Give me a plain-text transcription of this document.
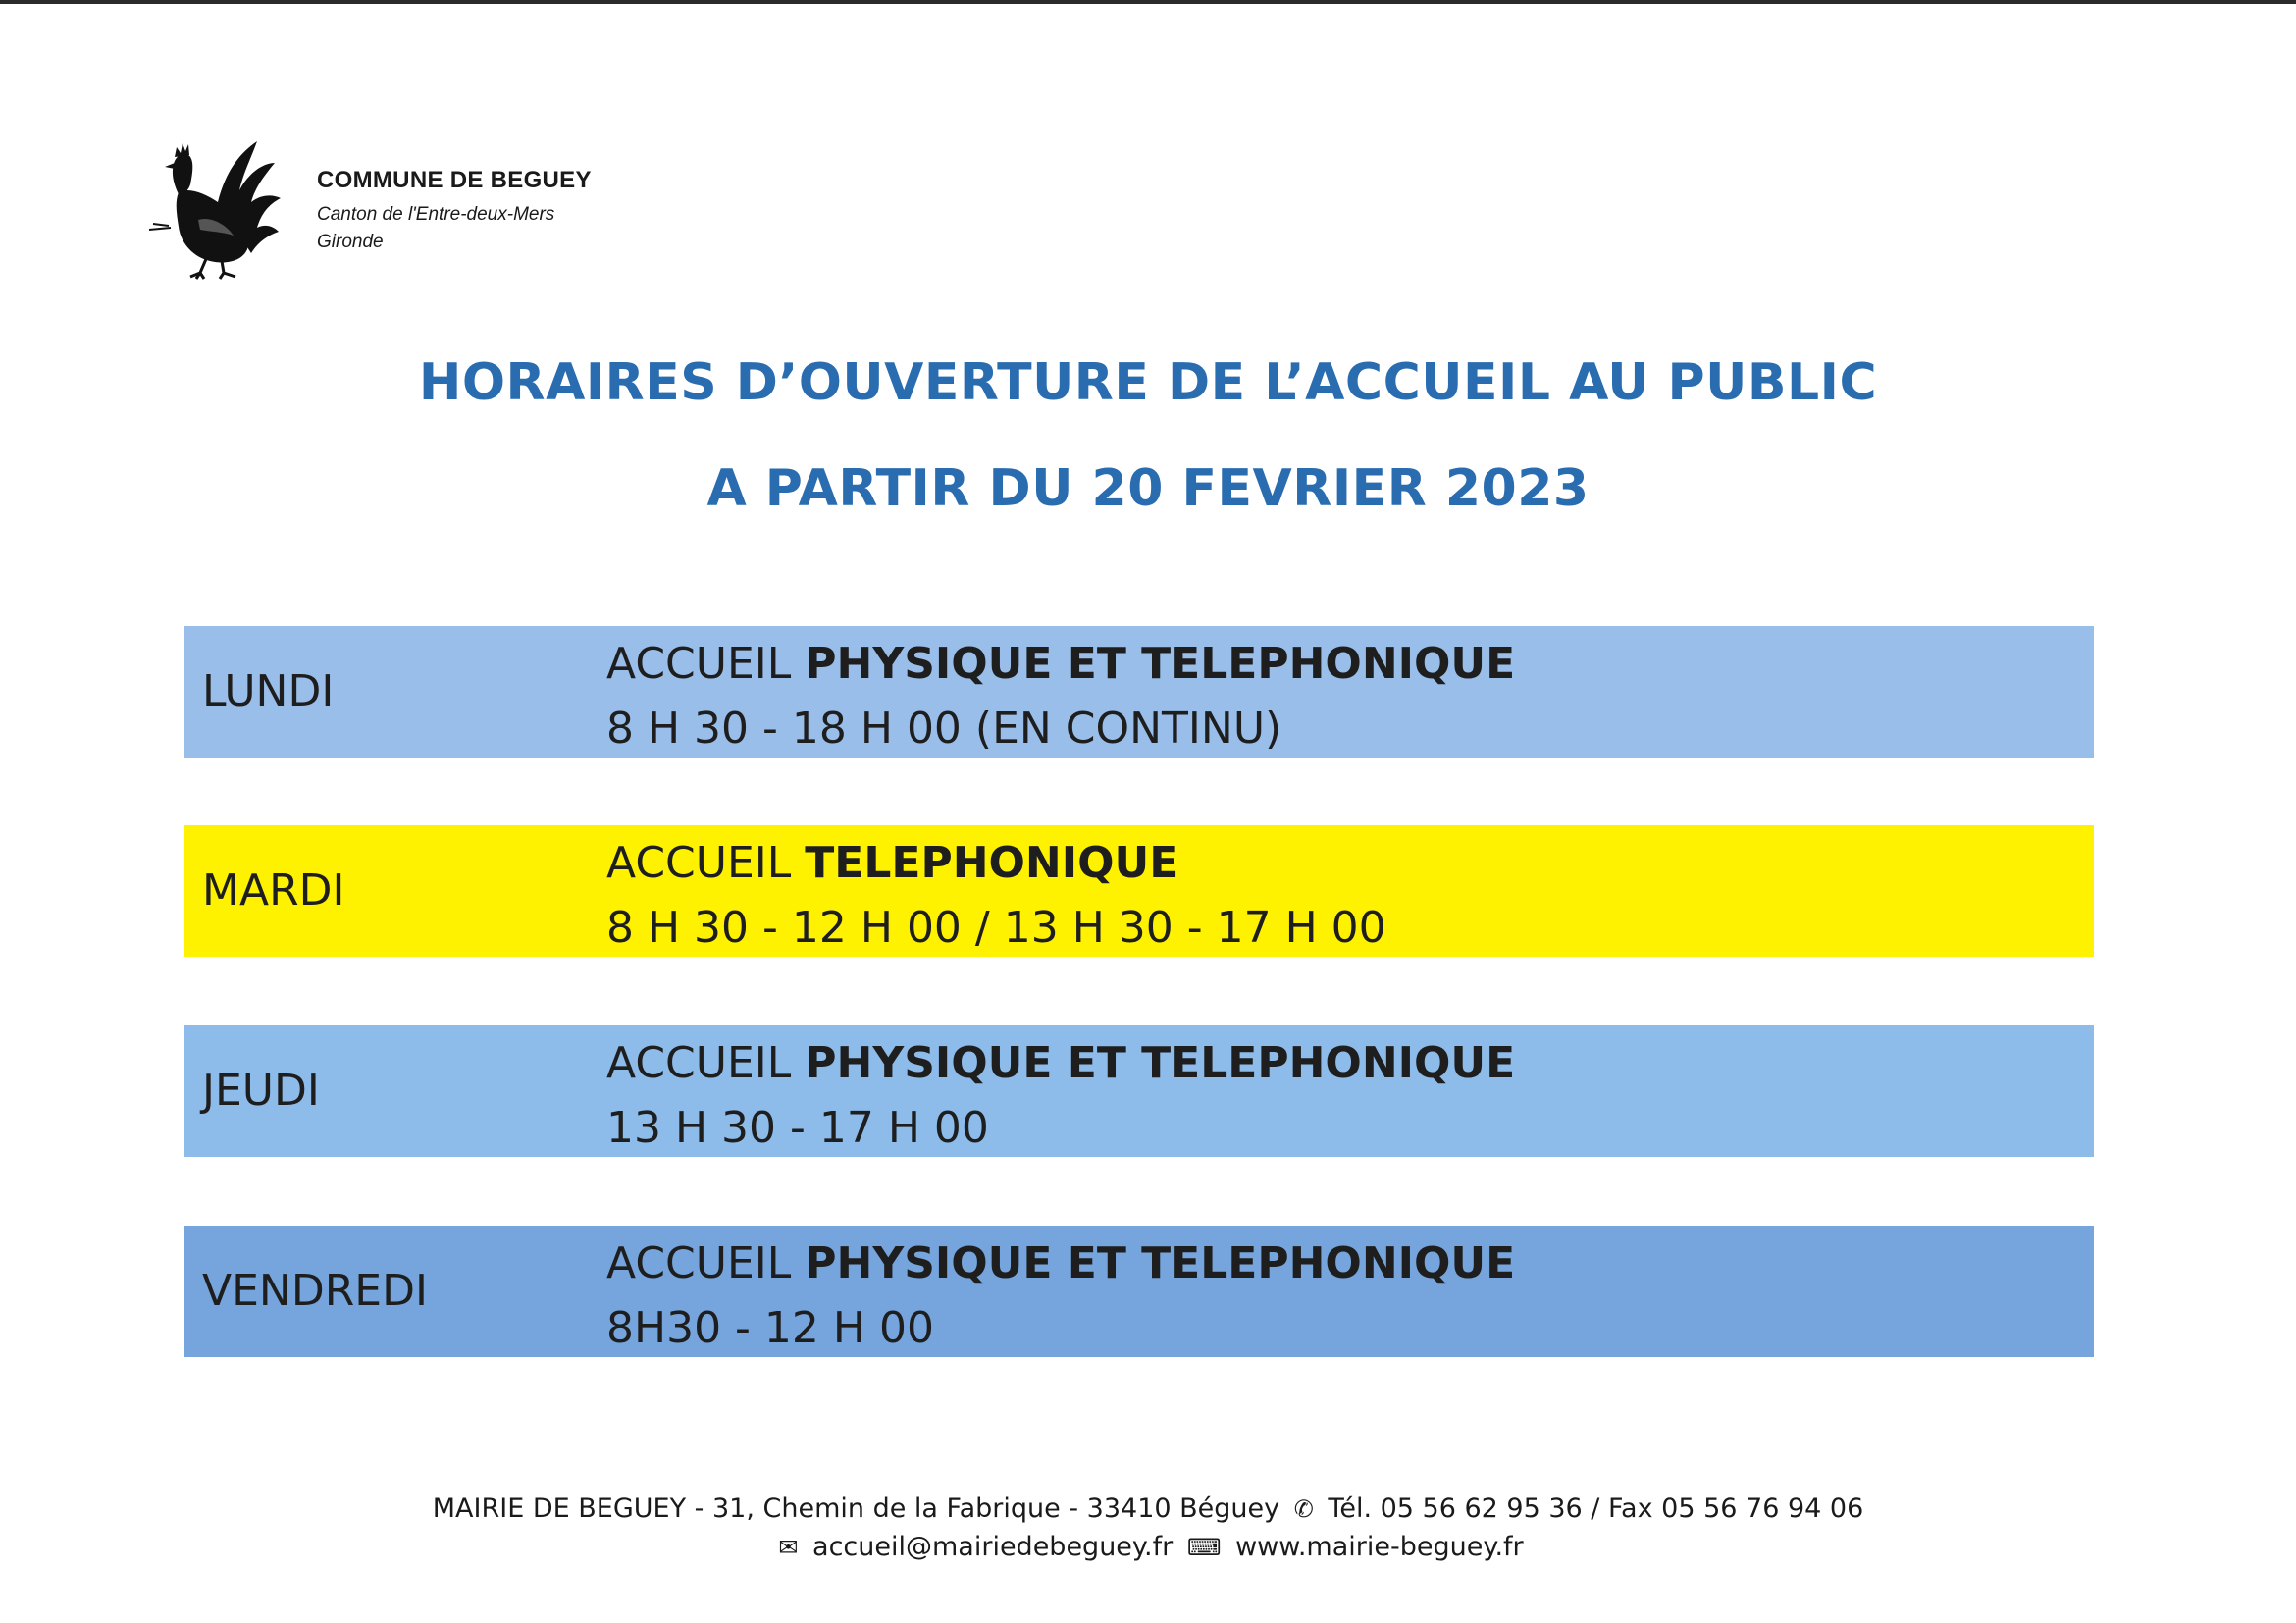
COMMUNE DE BEGUEY
Canton de l'Entre-deux-Mers
Gironde
HORAIRES D’OUVERTURE DE L’ACCUEIL AU PUBLIC
A PARTIR DU 20 FEVRIER 2023
LUNDI
ACCUEIL PHYSIQUE ET TELEPHONIQUE
8 H 30 - 18 H 00 (EN CONTINU)
MARDI
ACCUEIL TELEPHONIQUE
8 H 30 - 12 H 00 / 13 H 30 - 17 H 00
JEUDI
ACCUEIL PHYSIQUE ET TELEPHONIQUE
13 H 30 - 17 H 00
VENDREDI
ACCUEIL PHYSIQUE ET TELEPHONIQUE
8H30 - 12 H 00
MAIRIE DE BEGUEY - 31, Chemin de la Fabrique - 33410 Béguey ✆ Tél. 05 56 62 95 36 / Fax 05 56 76 94 06
✉ accueil@mairiedebeguey.fr ⌨ www.mairie-beguey.fr
